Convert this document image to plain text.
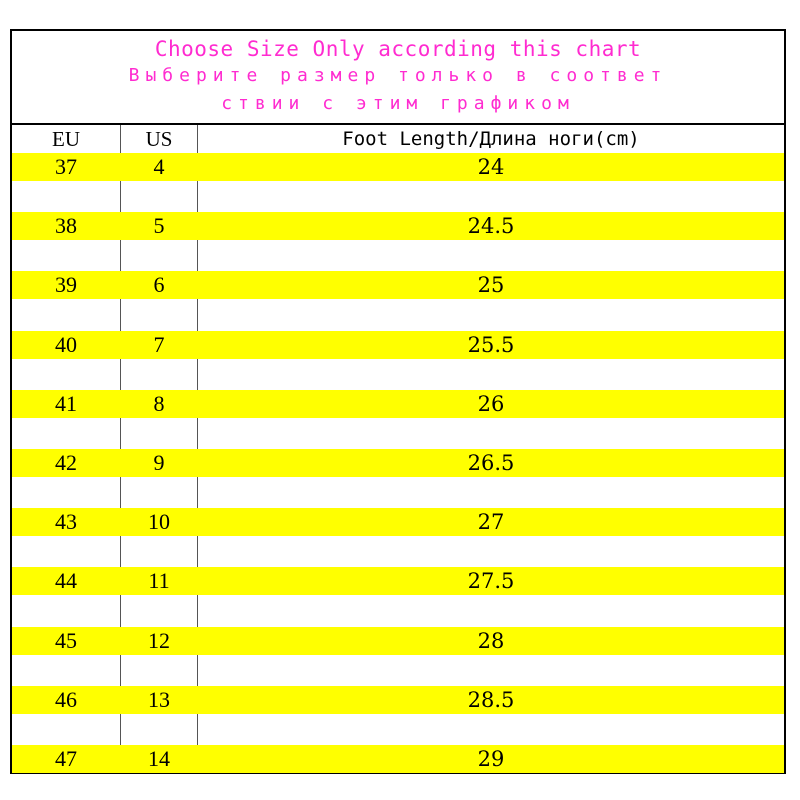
Choose Size Only according this chart
Выберите размер только в соответ
ствии с этим графиком
EU	US	Foot Length/Длина ноги(cm)
37	4	24
38	5	24.5
39	6	25
40	7	25.5
41	8	26
42	9	26.5
43	10	27
44	11	27.5
45	12	28
46	13	28.5
47	14	29
